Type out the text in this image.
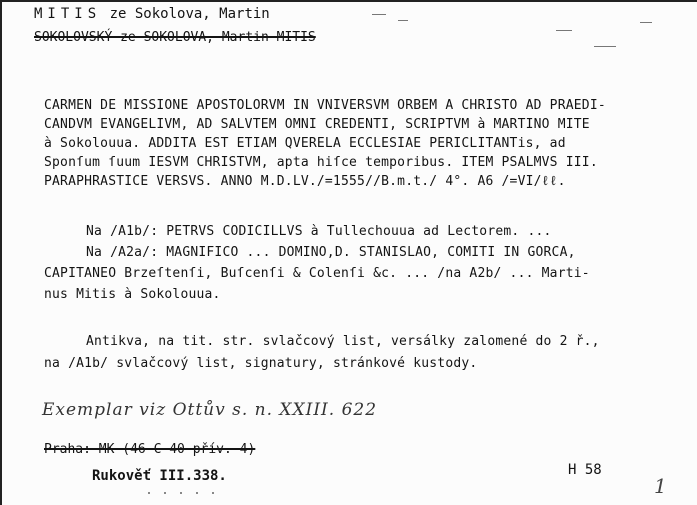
MITIS ze Sokolova, Martin
SOKOLOVSKÝ ze SOKOLOVA, Martin MITIS
CARMEN DE MISSIONE APOSTOLORVM IN VNIVERSVM ORBEM A CHRISTO AD PRAEDI-
CANDVM EVANGELIVM, AD SALVTEM OMNI CREDENTI, SCRIPTVM à MARTINO MITE
à Sokolouua. ADDITA EST ETIAM QVERELA ECCLESIAE PERICLITANTis, ad
Sponſum ſuum IESVM CHRISTVM, apta hiſce temporibus. ITEM PSALMVS III.
PARAPHRASTICE VERSVS. ANNO M.D.LV./=1555//B.m.t./ 4°. A6 /=VI/ℓℓ.
Na /A1b/: PETRVS CODICILLVS à Tullechouua ad Lectorem. ...
Na /A2a/: MAGNIFICO ... DOMINO,D. STANISLAO, COMITI IN GORCA,
CAPITANEO Brzeſtenſi, Buſcenſi & Colenſi &c. ... /na A2b/ ... Marti-
nus Mitis à Sokolouua.
Antikva, na tit. str. svlačcový list, versálky zalomené do 2 ř.,
na /A1b/ svlačcový list, signatury, stránkové kustody.
Exemplar viz Ottův s. n. XXIII. 622
Praha: MK (46 C 40 přív. 4)
Rukověť III.338.	H 58
1
